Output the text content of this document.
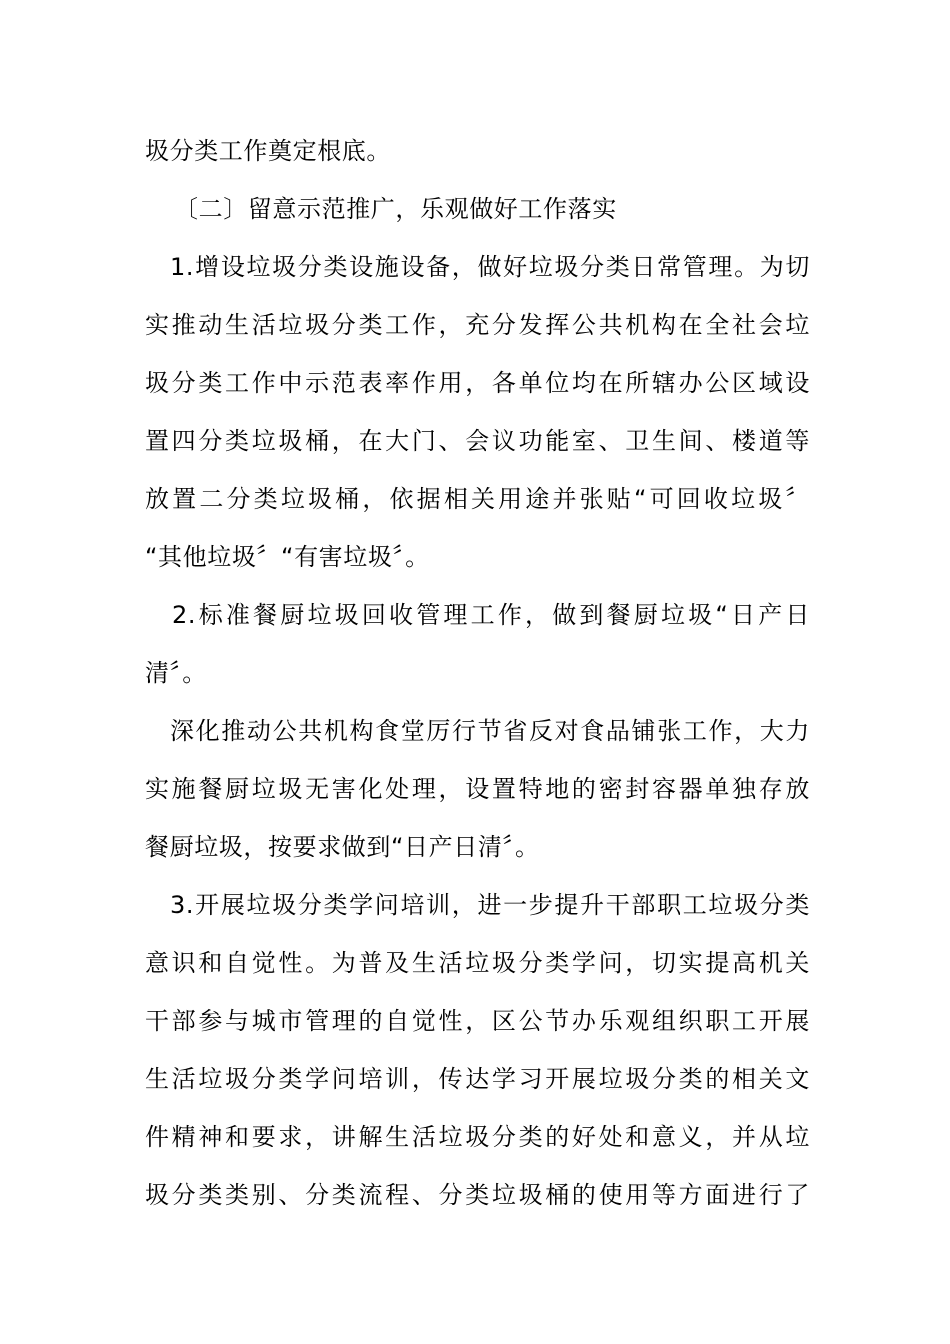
圾分类工作奠定根底。
〔二〕留意示范推广，乐观做好工作落实
1.增设垃圾分类设施设备，做好垃圾分类日常管理。为切
实推动生活垃圾分类工作，充分发挥公共机构在全社会垃
圾分类工作中示范表率作用，各单位均在所辖办公区域设
置四分类垃圾桶，在大门、会议功能室、卫生间、楼道等
放置二分类垃圾桶，依据相关用途并张贴“可回收垃圾〞
“其他垃圾〞“有害垃圾〞。
2.标准餐厨垃圾回收管理工作，做到餐厨垃圾“日产日
清〞。
深化推动公共机构食堂厉行节省反对食品铺张工作，大力
实施餐厨垃圾无害化处理，设置特地的密封容器单独存放
餐厨垃圾，按要求做到“日产日清〞。
3.开展垃圾分类学问培训，进一步提升干部职工垃圾分类
意识和自觉性。为普及生活垃圾分类学问，切实提高机关
干部参与城市管理的自觉性，区公节办乐观组织职工开展
生活垃圾分类学问培训，传达学习开展垃圾分类的相关文
件精神和要求，讲解生活垃圾分类的好处和意义，并从垃
圾分类类别、分类流程、分类垃圾桶的使用等方面进行了
